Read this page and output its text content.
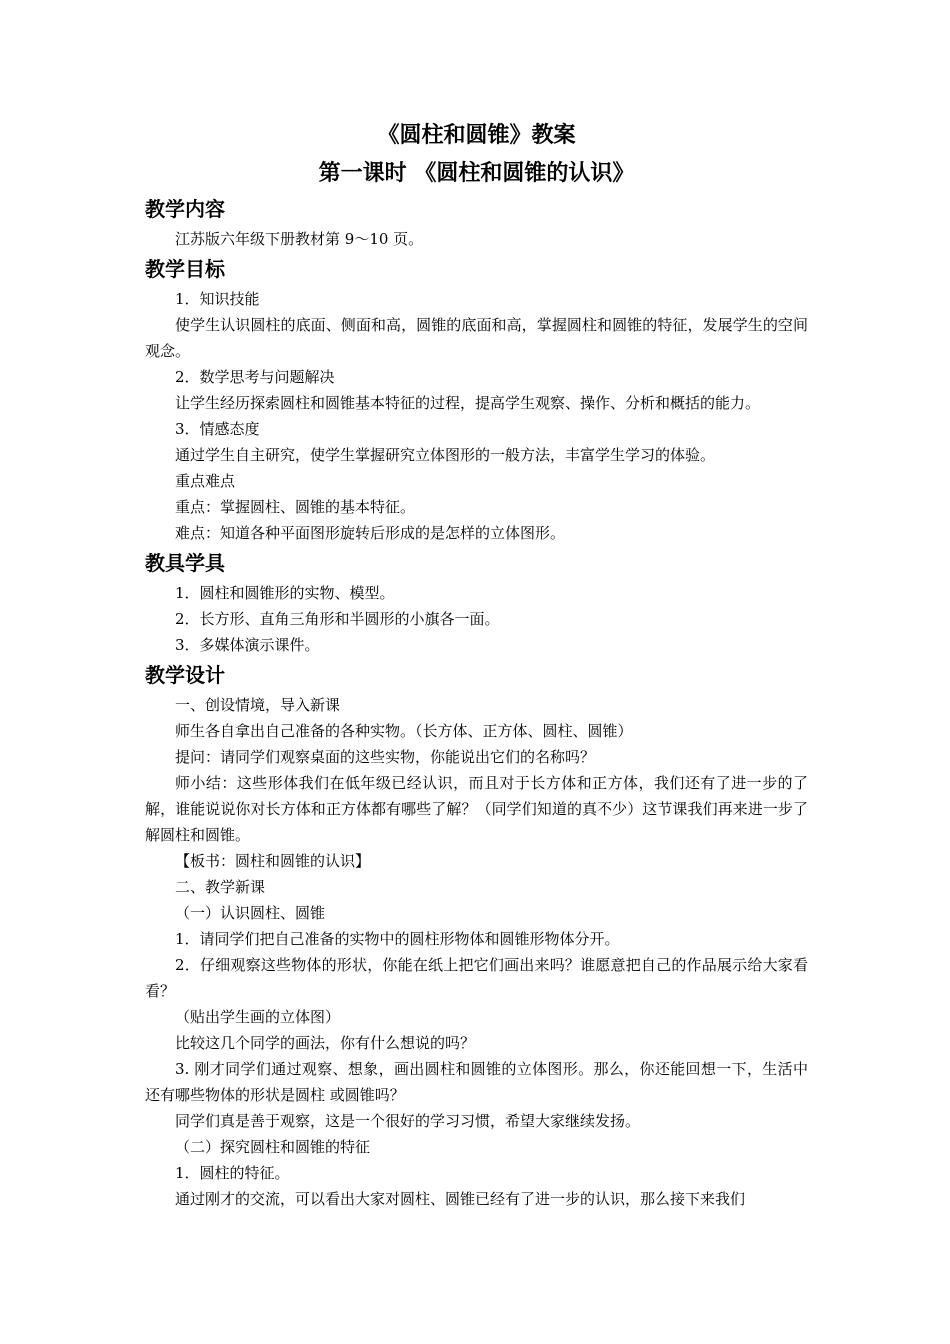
《圆柱和圆锥》教案
第一课时 《圆柱和圆锥的认识》
教学内容

江苏版六年级下册教材第 9～10 页。

教学目标

1．知识技能

使学生认识圆柱的底面、侧面和高，圆锥的底面和高，掌握圆柱和圆锥的特征，发展学生的空间观念。

2．数学思考与问题解决

让学生经历探索圆柱和圆锥基本特征的过程，提高学生观察、操作、分析和概括的能力。

3．情感态度

通过学生自主研究，使学生掌握研究立体图形的一般方法，丰富学生学习的体验。

重点难点

重点：掌握圆柱、圆锥的基本特征。

难点：知道各种平面图形旋转后形成的是怎样的立体图形。

教具学具

1．圆柱和圆锥形的实物、模型。

2．长方形、直角三角形和半圆形的小旗各一面。

3．多媒体演示课件。

教学设计

一、创设情境，导入新课

师生各自拿出自己准备的各种实物。（长方体、正方体、圆柱、圆锥）

提问：请同学们观察桌面的这些实物，你能说出它们的名称吗？

师小结：这些形体我们在低年级已经认识，而且对于长方体和正方体，我们还有了进一步的了解，谁能说说你对长方体和正方体都有哪些了解？（同学们知道的真不少）这节课我们再来进一步了解圆柱和圆锥。

【板书：圆柱和圆锥的认识】

二、教学新课

（一）认识圆柱、圆锥

1．请同学们把自己准备的实物中的圆柱形物体和圆锥形物体分开。

2．仔细观察这些物体的形状，你能在纸上把它们画出来吗？谁愿意把自己的作品展示给大家看看？

（贴出学生画的立体图）

比较这几个同学的画法，你有什么想说的吗？

3. 刚才同学们通过观察、想象，画出圆柱和圆锥的立体图形。那么，你还能回想一下，生活中还有哪些物体的形状是圆柱 或圆锥吗？

同学们真是善于观察，这是一个很好的学习习惯，希望大家继续发扬。

（二）探究圆柱和圆锥的特征

1．圆柱的特征。

通过刚才的交流，可以看出大家对圆柱、圆锥已经有了进一步的认识，那么接下来我们
